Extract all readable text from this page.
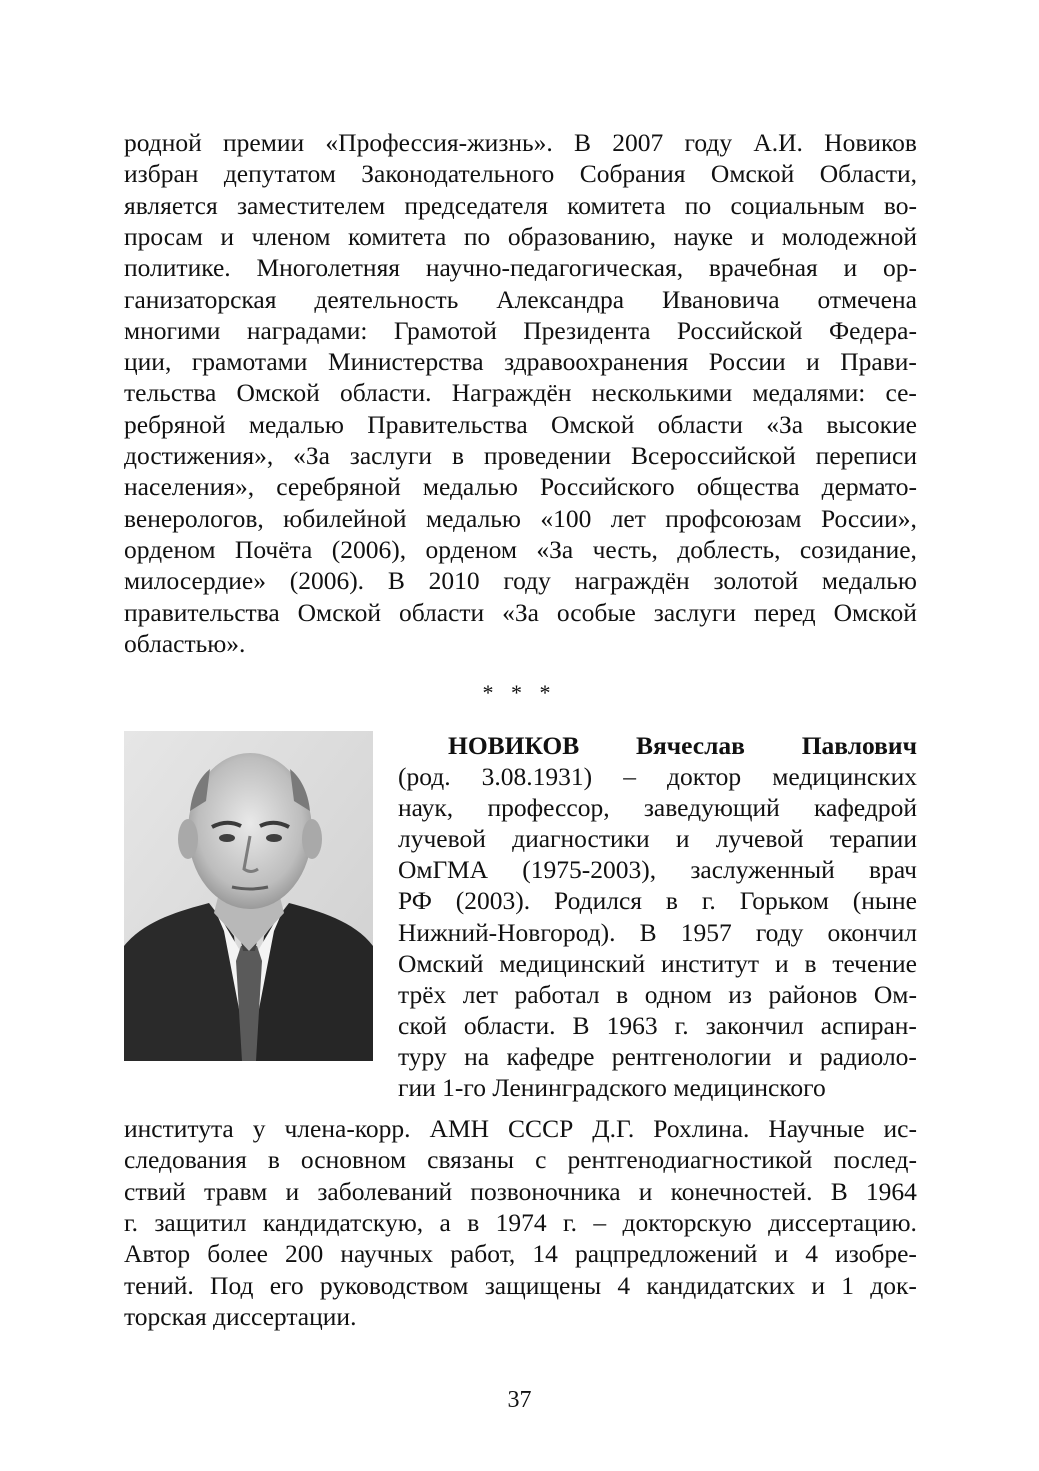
родной премии «Профессия-жизнь». В 2007 году А.И. Новиков
избран депутатом Законодательного Собрания Омской Области,
является заместителем председателя комитета по социальным во-
просам и членом комитета по образованию, науке и молодежной
политике. Многолетняя научно-педагогическая, врачебная и ор-
ганизаторская деятельность Александра Ивановича отмечена
многими наградами: Грамотой Президента Российской Федера-
ции, грамотами Министерства здравоохранения России и Прави-
тельства Омской области. Награждён несколькими медалями: се-
ребряной медалью Правительства Омской области «За высокие
достижения», «За заслуги в проведении Всероссийской переписи
населения», серебряной медалью Российского общества дермато-
венерологов, юбилейной медалью «100 лет профсоюзам России»,
орденом Почёта (2006), орденом «За честь, доблесть, созидание,
милосердие» (2006). В 2010 году награждён золотой медалью
правительства Омской области «За особые заслуги перед Омской
областью».
* * *
НОВИКОВ Вячеслав Павлович
(род. 3.08.1931) – доктор медицинских
наук, профессор, заведующий кафедрой
лучевой диагностики и лучевой терапии
ОмГМА (1975-2003), заслуженный врач
РФ (2003). Родился в г. Горьком (ныне
Нижний-Новгород). В 1957 году окончил
Омский медицинский институт и в течение
трёх лет работал в одном из районов Ом-
ской области. В 1963 г. закончил аспиран-
туру на кафедре рентгенологии и радиоло-
гии 1-го Ленинградского медицинского
института у члена-корр. АМН СССР Д.Г. Рохлина. Научные ис-
следования в основном связаны с рентгенодиагностикой послед-
ствий травм и заболеваний позвоночника и конечностей. В 1964
г. защитил кандидатскую, а в 1974 г. – докторскую диссертацию.
Автор более 200 научных работ, 14 рацпредложений и 4 изобре-
тений. Под его руководством защищены 4 кандидатских и 1 док-
торская диссертации.
37
